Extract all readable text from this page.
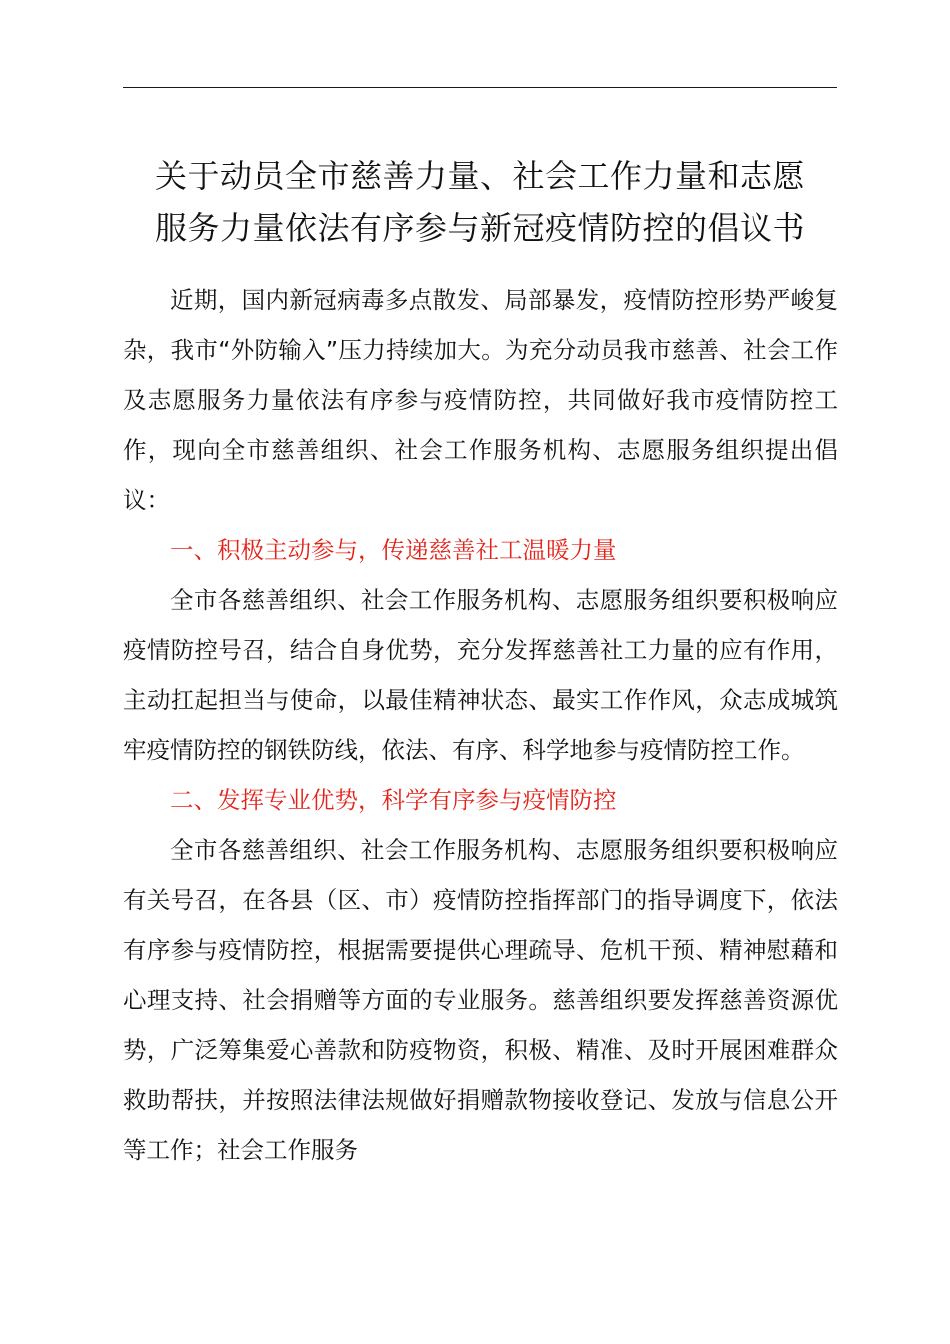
关于动员全市慈善力量、社会工作力量和志愿
服务力量依法有序参与新冠疫情防控的倡议书

近期，国内新冠病毒多点散发、局部暴发，疫情防控形势严峻复杂，我市“外防输入”压力持续加大。为充分动员我市慈善、社会工作及志愿服务力量依法有序参与疫情防控，共同做好我市疫情防控工作，现向全市慈善组织、社会工作服务机构、志愿服务组织提出倡议：

一、积极主动参与，传递慈善社工温暖力量

全市各慈善组织、社会工作服务机构、志愿服务组织要积极响应疫情防控号召，结合自身优势，充分发挥慈善社工力量的应有作用，主动扛起担当与使命，以最佳精神状态、最实工作作风，众志成城筑牢疫情防控的钢铁防线，依法、有序、科学地参与疫情防控工作。

二、发挥专业优势，科学有序参与疫情防控

全市各慈善组织、社会工作服务机构、志愿服务组织要积极响应有关号召，在各县（区、市）疫情防控指挥部门的指导调度下，依法有序参与疫情防控，根据需要提供心理疏导、危机干预、精神慰藉和心理支持、社会捐赠等方面的专业服务。慈善组织要发挥慈善资源优势，广泛筹集爱心善款和防疫物资，积极、精准、及时开展困难群众救助帮扶，并按照法律法规做好捐赠款物接收登记、发放与信息公开等工作；社会工作服务
